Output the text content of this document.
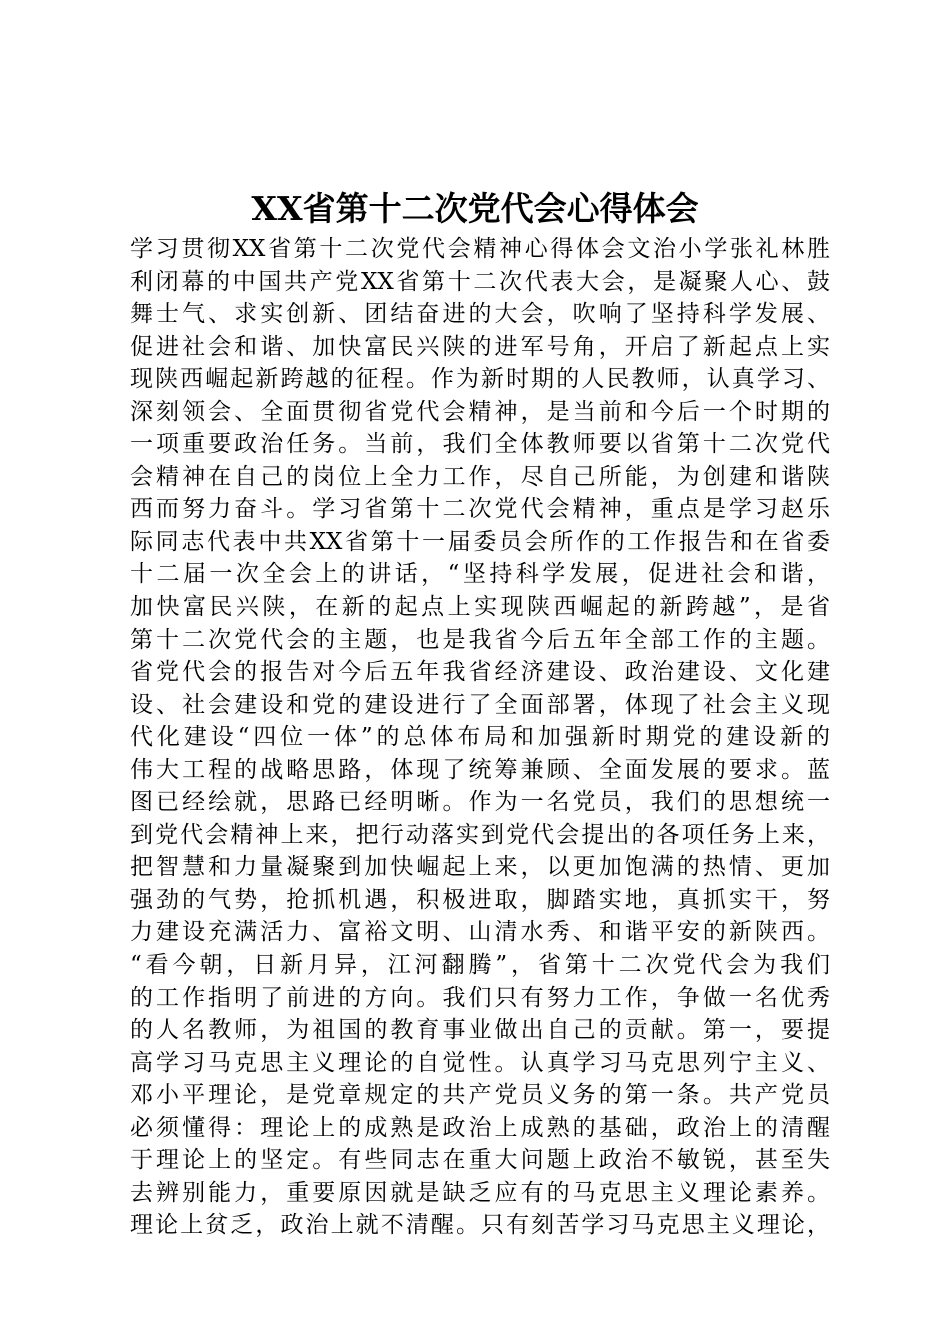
XX省第十二次党代会心得体会
学习贯彻XX省第十二次党代会精神心得体会文治小学张礼林胜
利闭幕的中国共产党XX省第十二次代表大会，是凝聚人心、鼓
舞士气、求实创新、团结奋进的大会，吹响了坚持科学发展、
促进社会和谐、加快富民兴陕的进军号角，开启了新起点上实
现陕西崛起新跨越的征程。作为新时期的人民教师，认真学习、
深刻领会、全面贯彻省党代会精神，是当前和今后一个时期的
一项重要政治任务。当前，我们全体教师要以省第十二次党代
会精神在自己的岗位上全力工作，尽自己所能，为创建和谐陕
西而努力奋斗。学习省第十二次党代会精神，重点是学习赵乐
际同志代表中共XX省第十一届委员会所作的工作报告和在省委
十二届一次全会上的讲话，“坚持科学发展，促进社会和谐，
加快富民兴陕，在新的起点上实现陕西崛起的新跨越”，是省
第十二次党代会的主题，也是我省今后五年全部工作的主题。
省党代会的报告对今后五年我省经济建设、政治建设、文化建
设、社会建设和党的建设进行了全面部署，体现了社会主义现
代化建设“四位一体”的总体布局和加强新时期党的建设新的
伟大工程的战略思路，体现了统筹兼顾、全面发展的要求。蓝
图已经绘就，思路已经明晰。作为一名党员，我们的思想统一
到党代会精神上来，把行动落实到党代会提出的各项任务上来，
把智慧和力量凝聚到加快崛起上来，以更加饱满的热情、更加
强劲的气势，抢抓机遇，积极进取，脚踏实地，真抓实干，努
力建设充满活力、富裕文明、山清水秀、和谐平安的新陕西。
“看今朝，日新月异，江河翻腾”，省第十二次党代会为我们
的工作指明了前进的方向。我们只有努力工作，争做一名优秀
的人名教师，为祖国的教育事业做出自己的贡献。第一，要提
高学习马克思主义理论的自觉性。认真学习马克思列宁主义、
邓小平理论，是党章规定的共产党员义务的第一条。共产党员
必须懂得：理论上的成熟是政治上成熟的基础，政治上的清醒
于理论上的坚定。有些同志在重大问题上政治不敏锐，甚至失
去辨别能力，重要原因就是缺乏应有的马克思主义理论素养。
理论上贫乏，政治上就不清醒。只有刻苦学习马克思主义理论，
